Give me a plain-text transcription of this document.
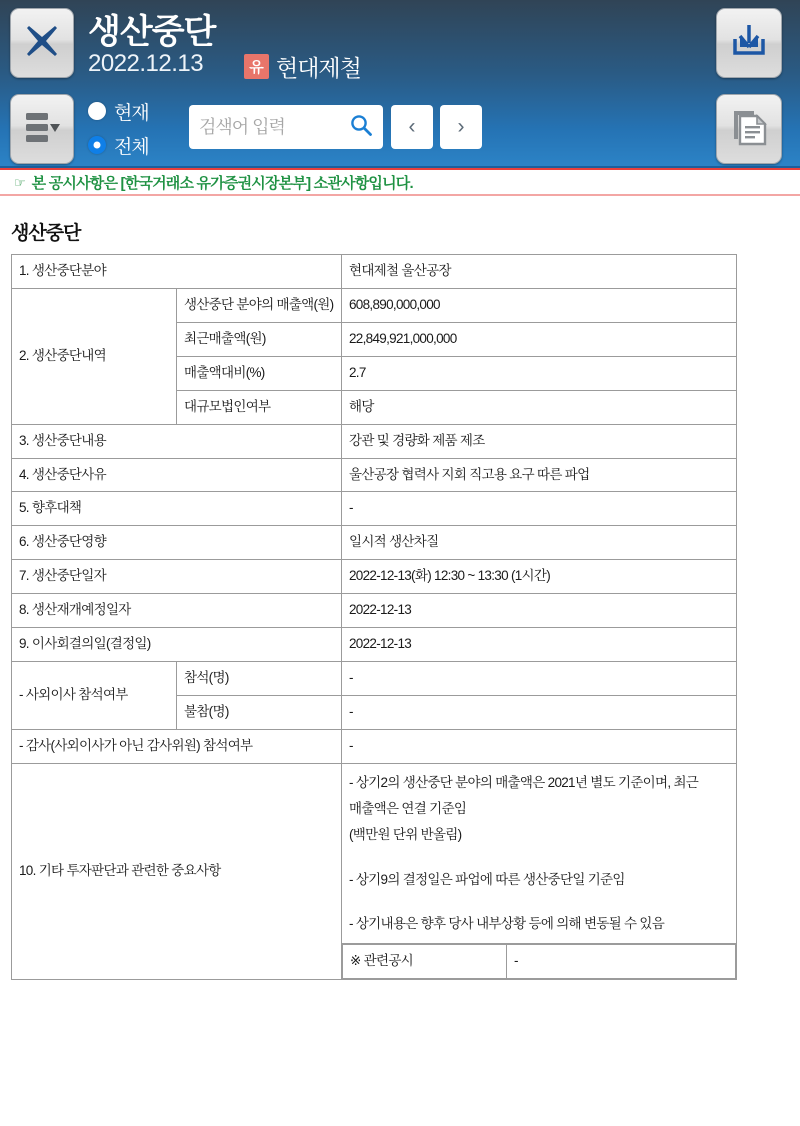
생산중단
2022.12.13	유 현대제철
현재
전체
검색어 입력
‹	›
☞ 본 공시사항은 [한국거래소 유가증권시장본부] 소관사항입니다.
생산중단
1. 생산중단분야	현대제철 울산공장
2. 생산중단내역	생산중단 분야의 매출액(원)	608,890,000,000
최근매출액(원)	22,849,921,000,000
매출액대비(%)	2.7
대규모법인여부	해당
3. 생산중단내용	강관 및 경량화 제품 제조
4. 생산중단사유	울산공장 협력사 지회 직고용 요구 따른 파업
5. 향후대책	-
6. 생산중단영향	일시적 생산차질
7. 생산중단일자	2022-12-13(화) 12:30 ~ 13:30 (1시간)
8. 생산재개예정일자	2022-12-13
9. 이사회결의일(결정일)	2022-12-13
- 사외이사 참석여부	참석(명)	-
불참(명)	-
- 감사(사외이사가 아닌 감사위원) 참석여부	-
10. 기타 투자판단과 관련한 중요사항	
- 상기2의 생산중단 분야의 매출액은 2021년 별도 기준이며, 최근 매출액은 연결 기준임
(백만원 단위 반올림)
- 상기9의 결정일은 파업에 따른 생산중단일 기준임
- 상기내용은 향후 당사 내부상황 등에 의해 변동될 수 있음

※ 관련공시	-
